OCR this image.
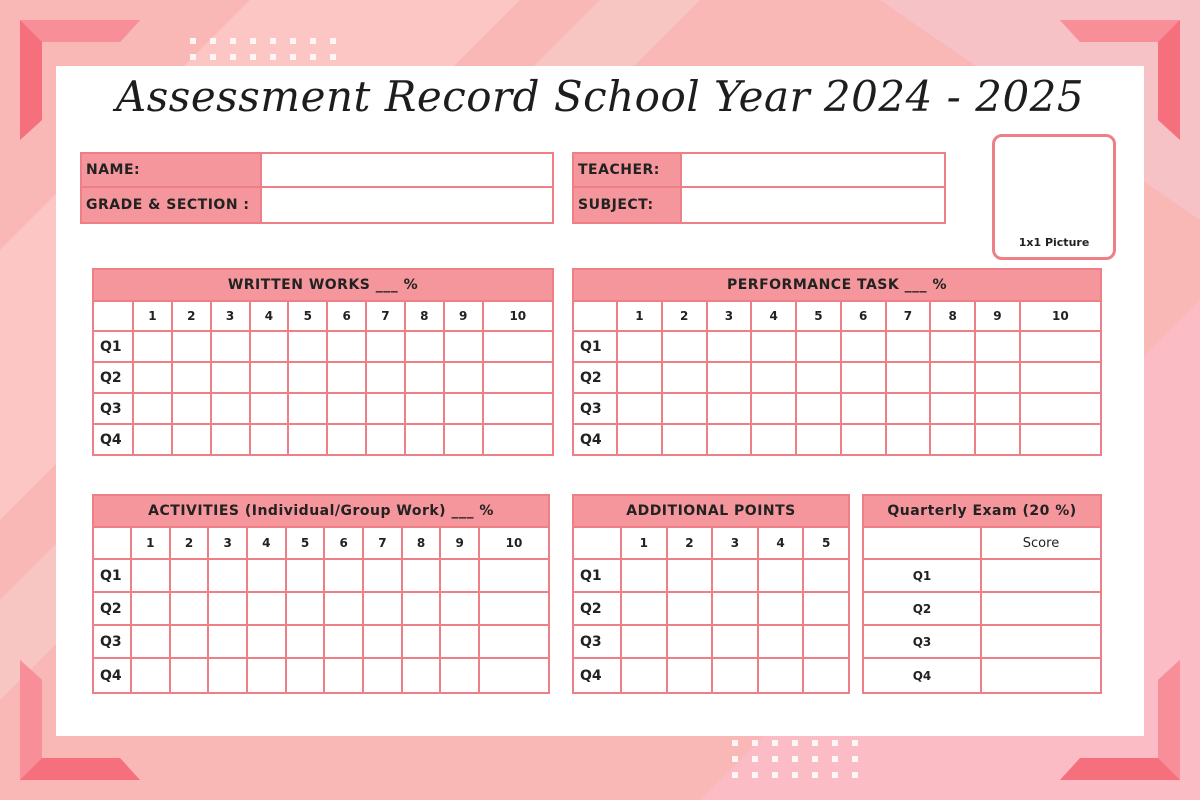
Assessment Record School Year 2024 - 2025
NAME:	
GRADE & SECTION :	
TEACHER:	
SUBJECT:	
1x1 Picture
WRITTEN WORKS ___ %										
	1	2	3	4	5	6	7	8	9	10
Q1										
Q2										
Q3										
Q4										
PERFORMANCE TASK ___ %										
	1	2	3	4	5	6	7	8	9	10
Q1										
Q2										
Q3										
Q4										
ACTIVITIES (Individual/Group Work) ___ %										
	1	2	3	4	5	6	7	8	9	10
Q1										
Q2										
Q3										
Q4										
ADDITIONAL POINTS					
	1	2	3	4	5
Q1					
Q2					
Q3					
Q4					
Quarterly Exam (20 %)	
	Score
Q1	
Q2	
Q3	
Q4	
